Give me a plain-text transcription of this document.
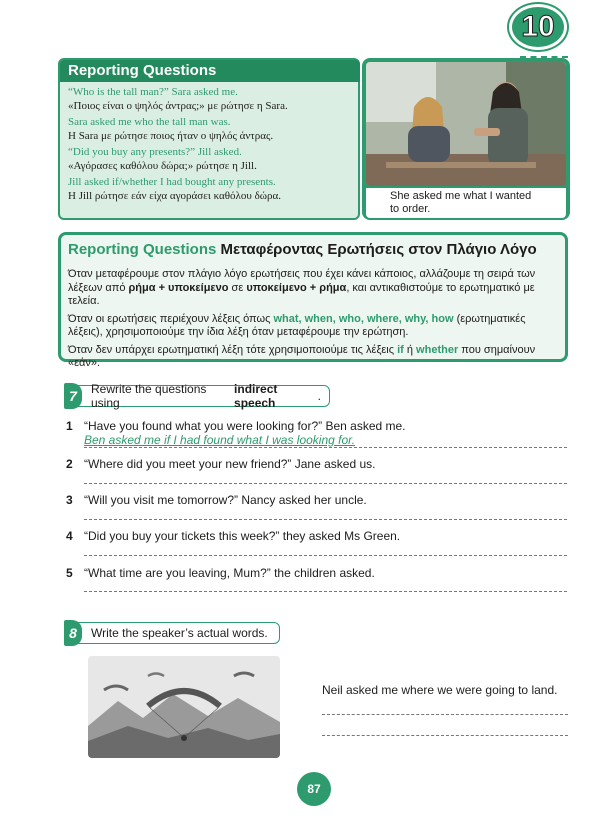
10
Reporting Questions
“Who is the tall man?” Sara asked me.
«Ποιος είναι ο ψηλός άντρας;» με ρώτησε η Sara.
Sara asked me who the tall man was.
Η Sara με ρώτησε ποιος ήταν ο ψηλός άντρας.
“Did you buy any presents?” Jill asked.
«Αγόρασες καθόλου δώρα;» ρώτησε η Jill.
Jill asked if/whether I had bought any presents.
Η Jill ρώτησε εάν είχα αγοράσει καθόλου δώρα.	She asked me what I wanted to order.
Reporting Questions Μεταφέροντας Ερωτήσεις στον Πλάγιο Λόγο

Όταν μεταφέρουμε στον πλάγιο λόγο ερωτήσεις που έχει κάνει κάποιος, αλλάζουμε τη σειρά των λέξεων από ρήμα + υποκείμενο σε υποκείμενο + ρήμα, και αντικαθιστούμε το ερωτηματικό με τελεία.

Όταν οι ερωτήσεις περιέχουν λέξεις όπως what, when, who, where, why, how (ερωτηματικές λέξεις), χρησιμοποιούμε την ίδια λέξη όταν μεταφέρουμε την ερώτηση.

Όταν δεν υπάρχει ερωτηματική λέξη τότε χρησιμοποιούμε τις λέξεις if ή whether που σημαίνουν «εάν».

Rewrite the questions using
indirect speech	.
7
1 “Have you found what you were looking for?” Ben asked me.
Ben asked me if I had found what I was looking for.
2 “Where did you meet your new friend?” Jane asked us.
3 “Will you visit me tomorrow?” Nancy asked her uncle.
4 “Did you buy your tickets this week?” they asked Ms Green.
5 “What time are you leaving, Mum?” the children asked.
Write the speaker’s actual words.
8
Neil asked me where we were going to land.
87
